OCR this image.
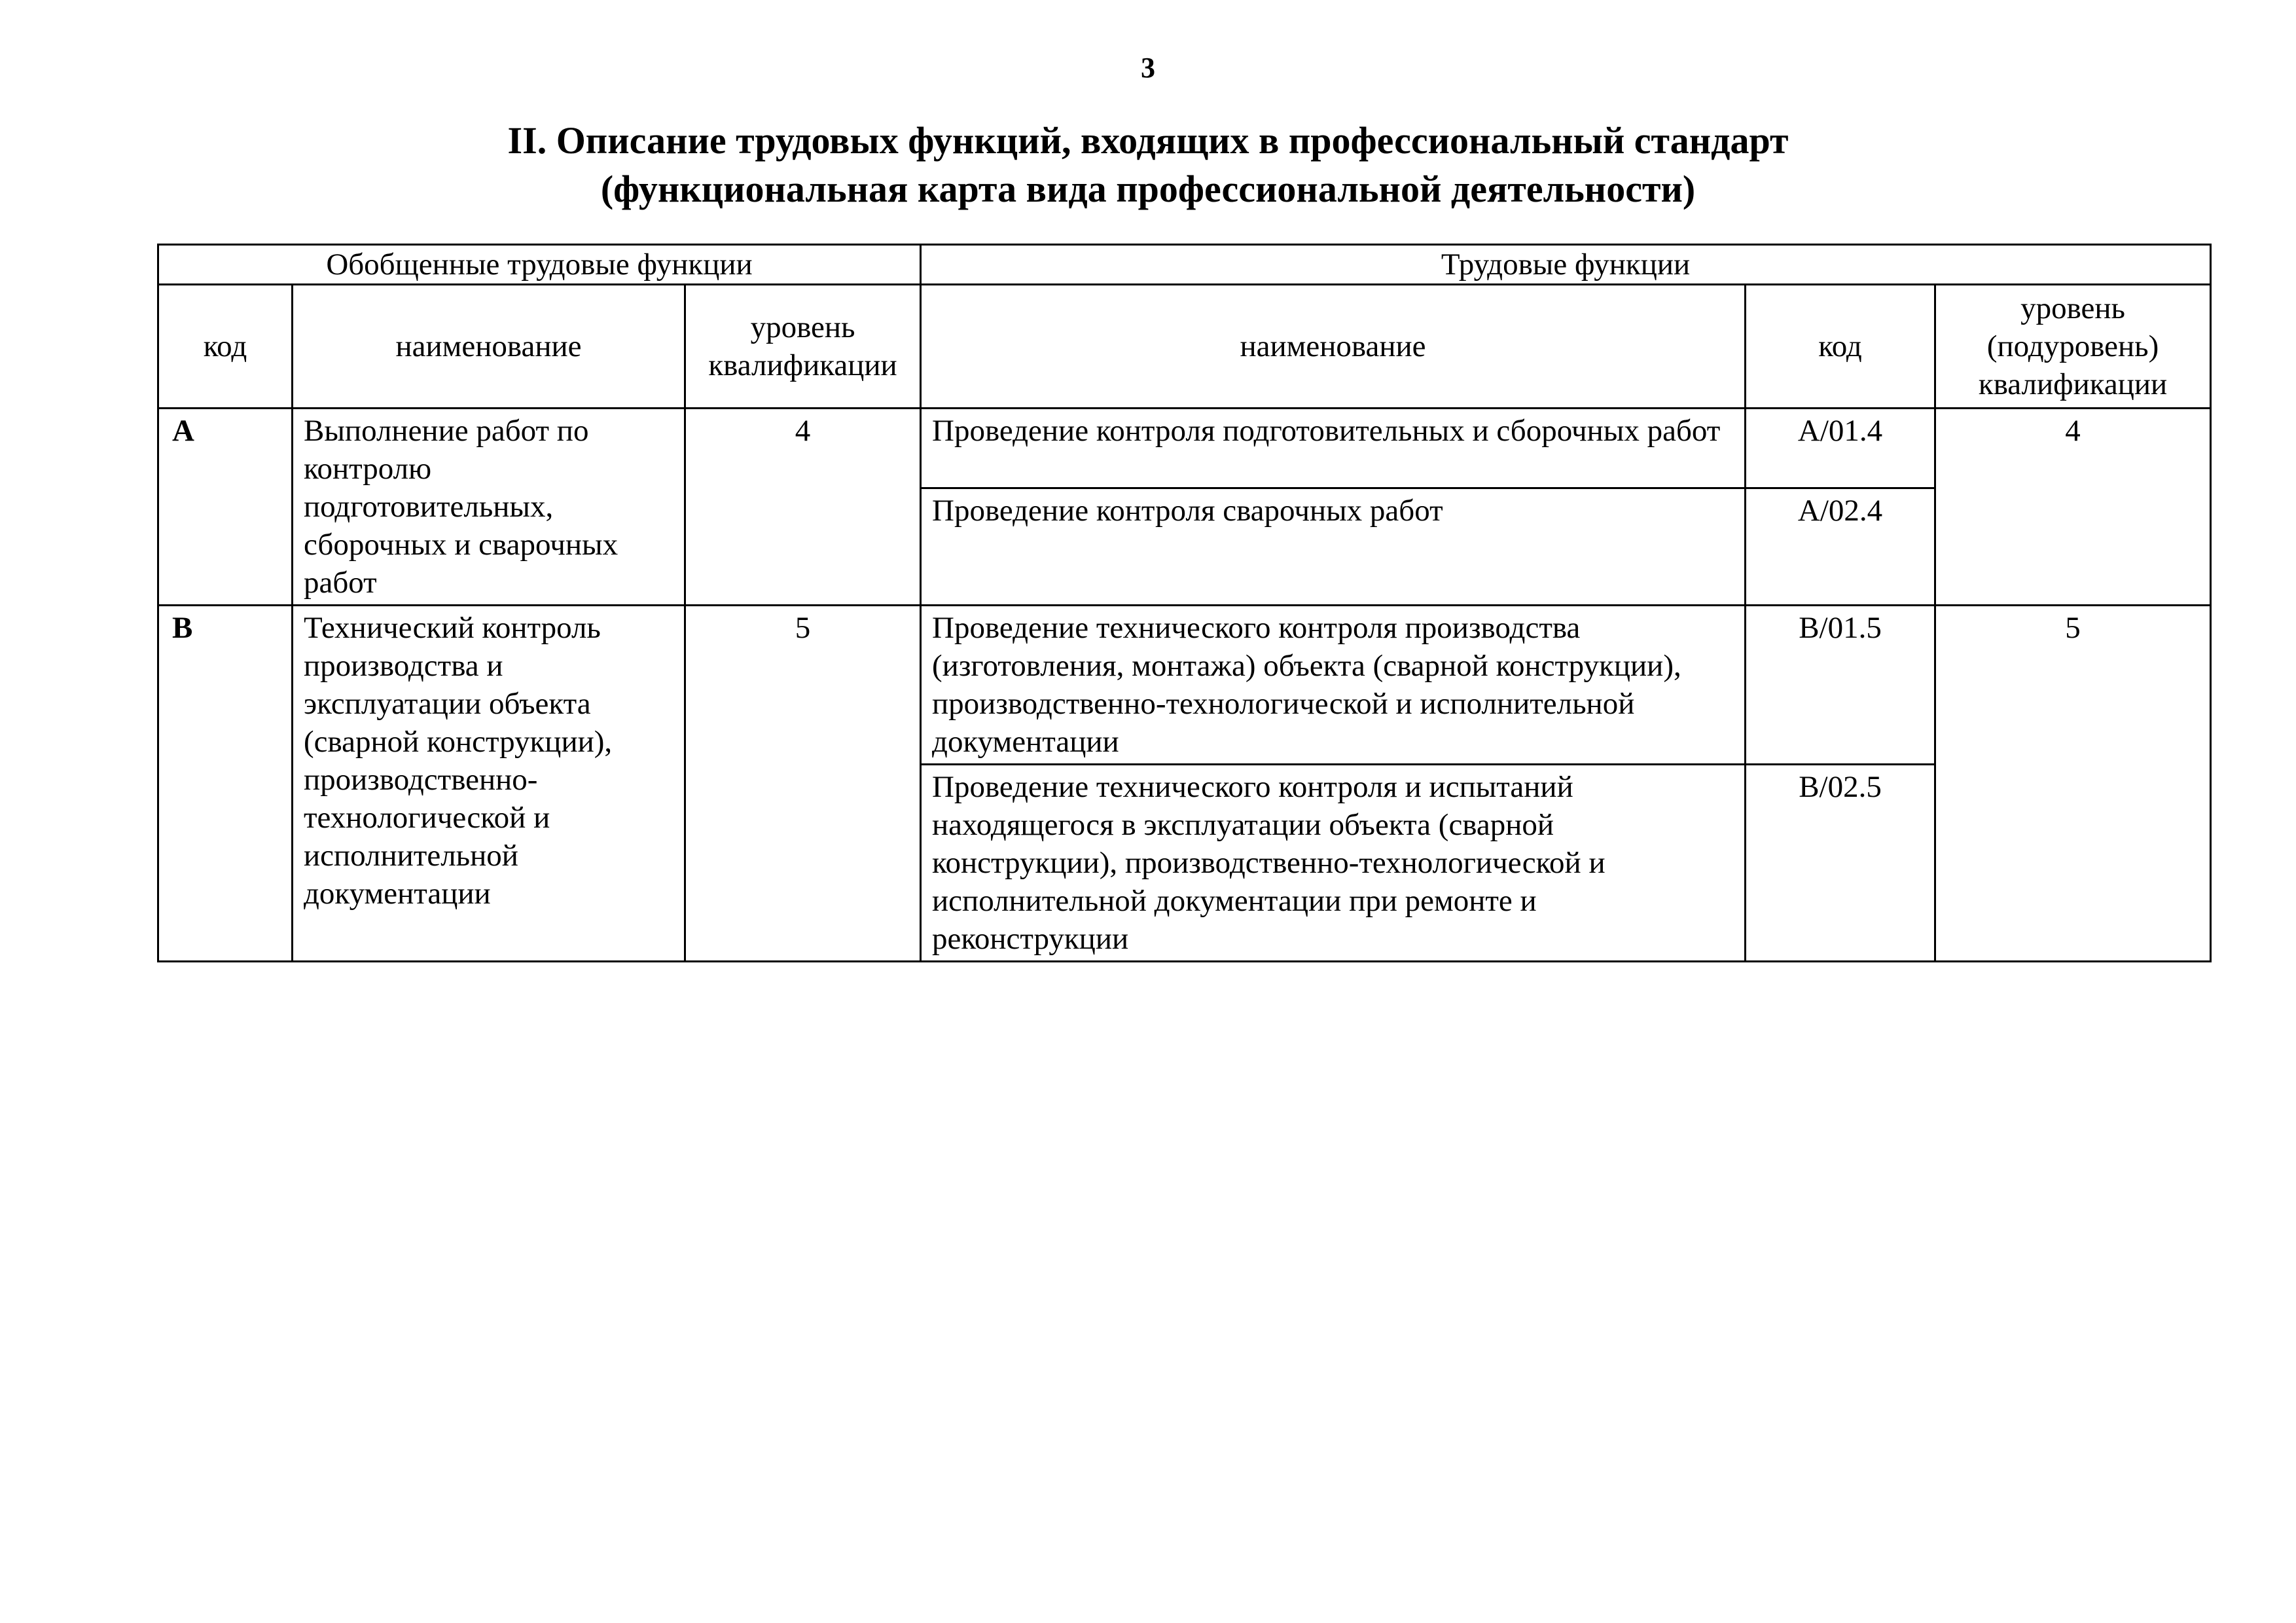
3
II. Описание трудовых функций, входящих в профессиональный стандарт
(функциональная карта вида профессиональной деятельности)
Обобщенные трудовые функции			Трудовые функции		
код	наименование	уровень квалификации	наименование	код	уровень (подуровень) квалификации
A	Выполнение работ по контролю подготовительных, сборочных и сварочных работ	4	Проведение контроля подготовительных и сборочных работ	A/01.4	4
			Проведение контроля сварочных работ	A/02.4	
B	Технический контроль производства и эксплуатации объекта (сварной конструкции), производственно-технологической и исполнительной документации	5	Проведение технического контроля производства (изготовления, монтажа) объекта (сварной конструкции), производственно-технологической и исполнительной документации	B/01.5	5
			Проведение технического контроля и испытаний находящегося в эксплуатации объекта (сварной конструкции), производственно-технологической и исполнительной документации при ремонте и реконструкции	B/02.5	
